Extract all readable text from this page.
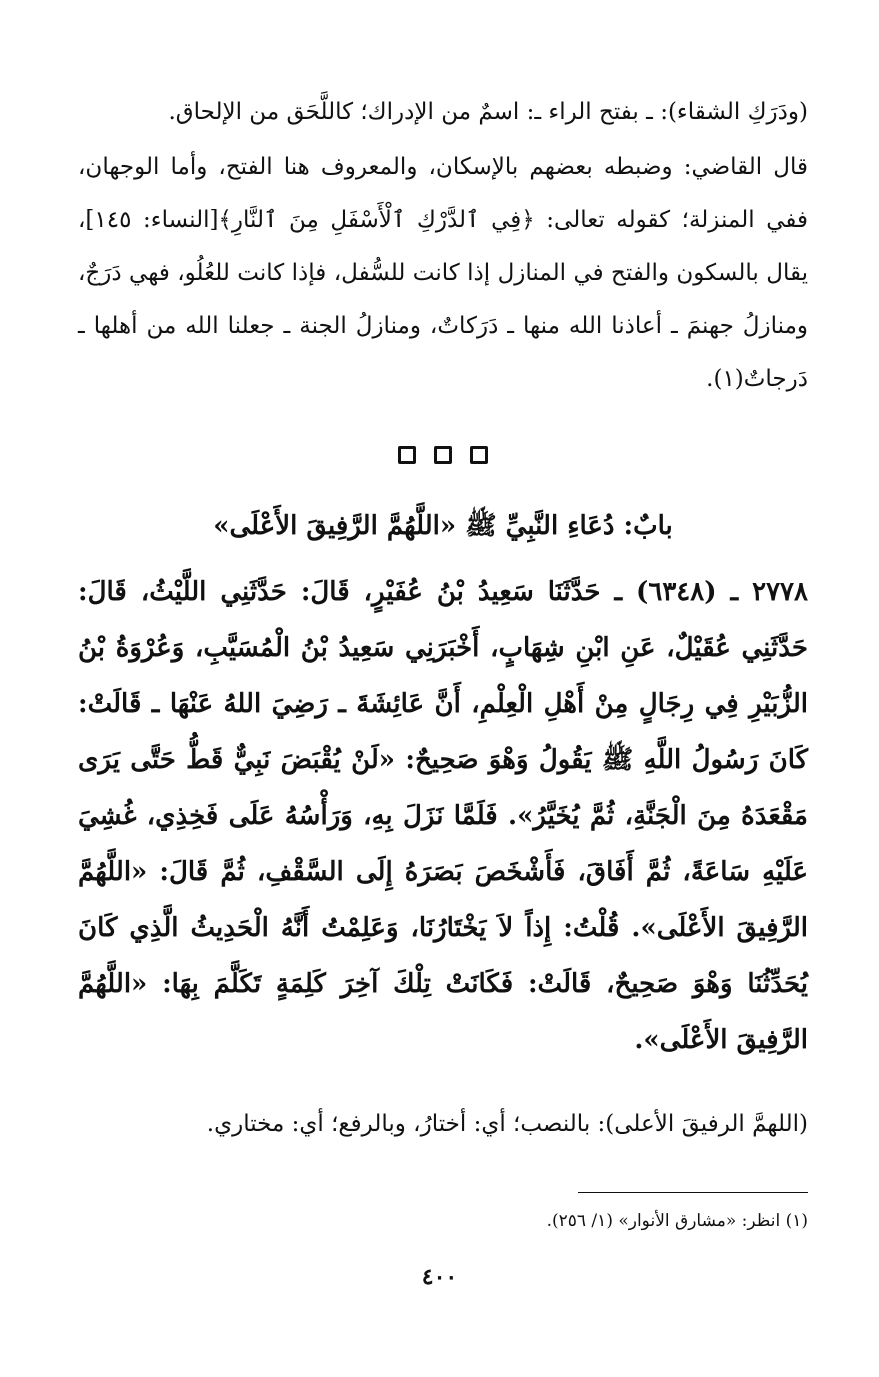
(ودَرَكِ الشقاء): ـ بفتح الراء ـ: اسمٌ من الإدراك؛ كاللَّحَق من الإلحاق.

قال القاضي: وضبطه بعضهم بالإسكان، والمعروف هنا الفتح، وأما الوجهان، ففي المنزلة؛ كقوله تعالى: ﴿فِي ٱلدَّرْكِ ٱلْأَسْفَلِ مِنَ ٱلنَّارِ﴾[النساء: ١٤٥]، يقال بالسكون والفتح في المنازل إذا كانت للسُّفل، فإذا كانت للعُلُو، فهي دَرَجٌ، ومنازلُ جهنمَ ـ أعاذنا الله منها ـ دَرَكاتٌ، ومنازلُ الجنة ـ جعلنا الله من أهلها ـ دَرجاتٌ(١).

بابٌ: دُعَاءِ النَّبِيِّ ﷺ «اللَّهُمَّ الرَّفِيقَ الأَعْلَى»

٢٧٧٨ ـ (٦٣٤٨) ـ حَدَّثَنَا سَعِيدُ بْنُ عُفَيْرٍ، قَالَ: حَدَّثَنِي اللَّيْثُ، قَالَ: حَدَّثَنِي عُقَيْلٌ، عَنِ ابْنِ شِهَابٍ، أَخْبَرَنِي سَعِيدُ بْنُ الْمُسَيَّبِ، وَعُرْوَةُ بْنُ الزُّبَيْرِ فِي رِجَالٍ مِنْ أَهْلِ الْعِلْمِ، أَنَّ عَائِشَةَ ـ رَضِيَ اللهُ عَنْهَا ـ قَالَتْ: كَانَ رَسُولُ اللَّهِ ﷺ يَقُولُ وَهْوَ صَحِيحٌ: «لَنْ يُقْبَضَ نَبِيٌّ قَطُّ حَتَّى يَرَى مَقْعَدَهُ مِنَ الْجَنَّةِ، ثُمَّ يُخَيَّرُ». فَلَمَّا نَزَلَ بِهِ، وَرَأْسُهُ عَلَى فَخِذِي، غُشِيَ عَلَيْهِ سَاعَةً، ثُمَّ أَفَاقَ، فَأَشْخَصَ بَصَرَهُ إِلَى السَّقْفِ، ثُمَّ قَالَ: «اللَّهُمَّ الرَّفِيقَ الأَعْلَى». قُلْتُ: إِذاً لاَ يَخْتَارُنَا، وَعَلِمْتُ أَنَّهُ الْحَدِيثُ الَّذِي كَانَ يُحَدِّثُنَا وَهْوَ صَحِيحٌ، قَالَتْ: فَكَانَتْ تِلْكَ آخِرَ كَلِمَةٍ تَكَلَّمَ بِهَا: «اللَّهُمَّ الرَّفِيقَ الأَعْلَى».

(اللهمَّ الرفيقَ الأعلى): بالنصب؛ أي: أختارُ، وبالرفع؛ أي: مختاري.

(١) انظر: «مشارق الأنوار» (١/ ٢٥٦).

٤٠٠
